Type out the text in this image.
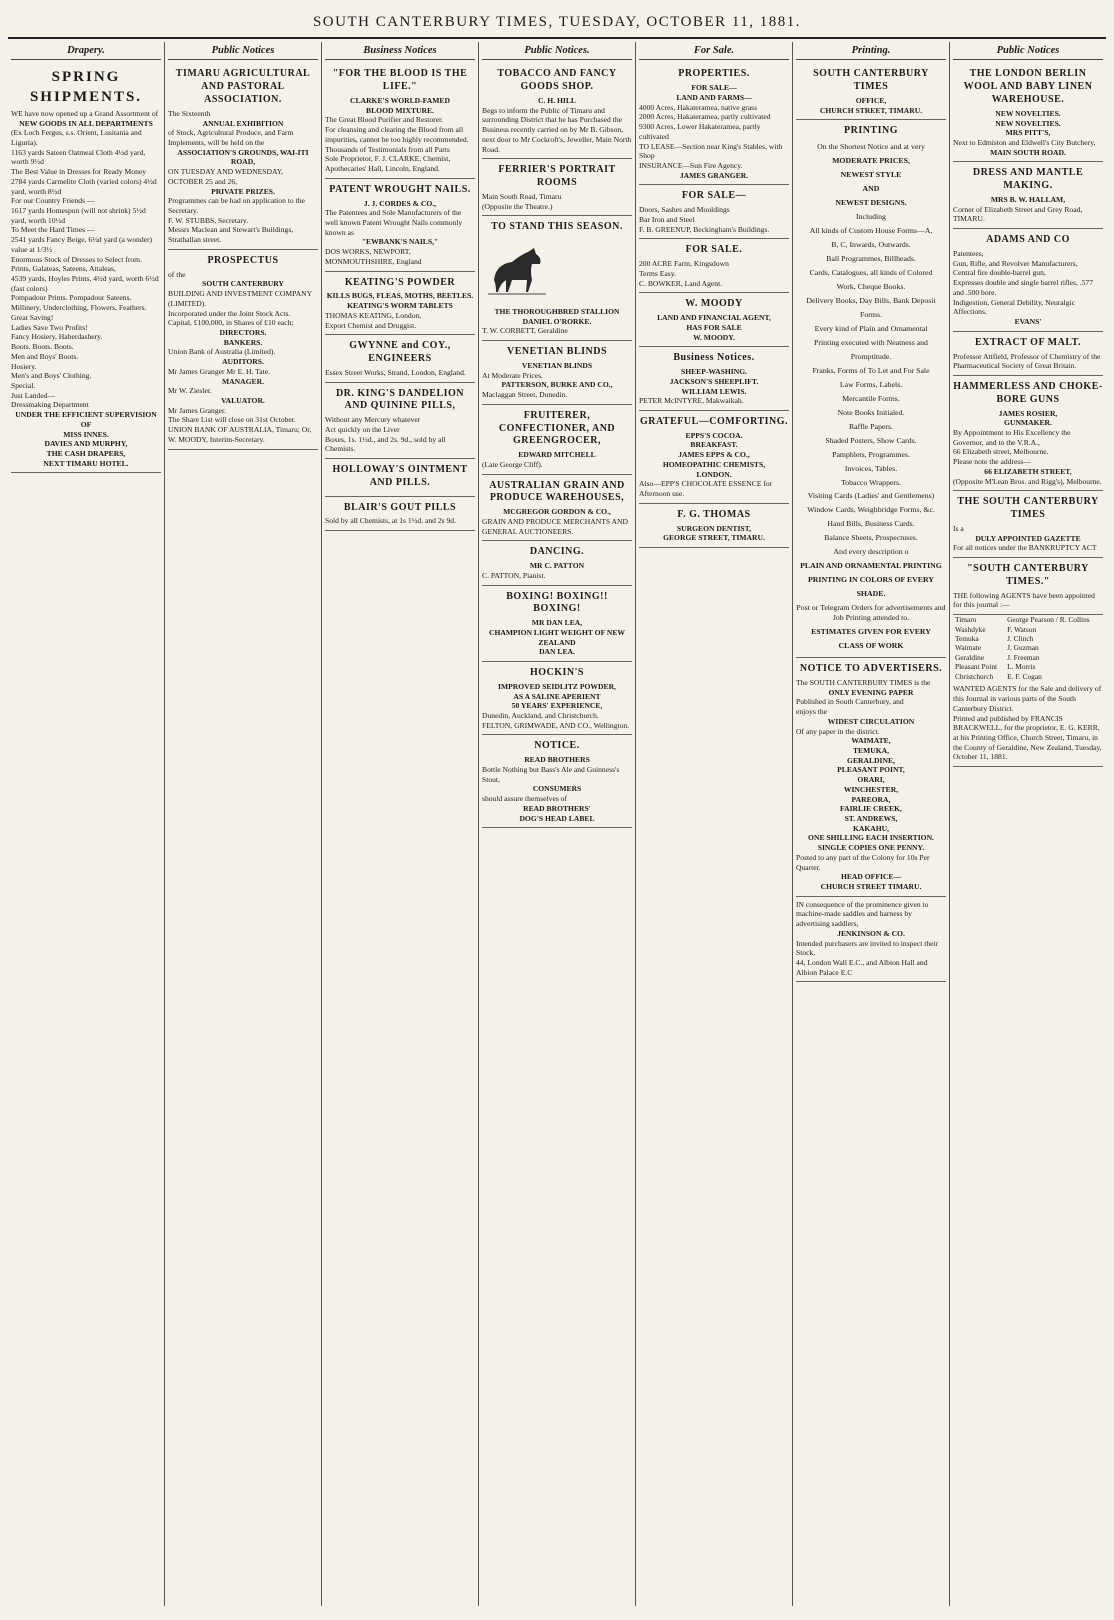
SOUTH CANTERBURY TIMES, TUESDAY, OCTOBER 11, 1881.
Drapery.
SPRING SHIPMENTS.
WE have now opened up a Grand Assortment of
NEW GOODS IN ALL DEPARTMENTS
(Ex Loch Fergus, s.s. Orient, Lusitania and Liguria).
1163 yards Sateen Oatmeal Cloth 4½d yard, worth 9½d
The Best Value in Dresses for Ready Money
2784 yards Carmelite Cloth (varied colors) 4½d yard, worth 8½d
For our Country Friends —
1617 yards Homespun (will not shrink) 5½d yard, worth 10½d
To Meet the Hard Times —
2541 yards Fancy Beige, 6½d yard (a wonder) value at 1/3½
Enormous Stock of Dresses to Select from.
Prints, Galateas, Sateens, Attaleas,
4539 yards, Hoyles Prints, 4½d yard, worth 6½d (fast colors)
Pompadour Prints. Pompadour Sateens.
Millinery, Underclothing, Flowers, Feathers.
Great Saving!
Ladies Save Two Profits!
Fancy Hosiery, Haberdashery.
Boots. Boots. Boots.
Men and Boys' Boots.
Hosiery.
Men's and Boys' Clothing.
Special.
Just Landed—
Dressmaking Department
UNDER THE EFFICIENT SUPERVISION OF
MISS INNES.
DAVIES AND MURPHY,
THE CASH DRAPERS,
NEXT TIMARU HOTEL.
Public Notices
TIMARU AGRICULTURAL AND PASTORAL ASSOCIATION.
The Sixteenth
ANNUAL EXHIBITION
of Stock, Agricultural Produce, and Farm Implements, will be held on the
ASSOCIATION'S GROUNDS, WAI-ITI ROAD,
ON TUESDAY AND WEDNESDAY, OCTOBER 25 and 26,
PRIVATE PRIZES.
Programmes can be had on application to the Secretary.
F. W. STUBBS, Secretary.
Messrs Maclean and Stewart's Buildings, Strathallan street.
PROSPECTUS
of the
SOUTH CANTERBURY
BUILDING AND INVESTMENT COMPANY (LIMITED).
Incorporated under the Joint Stock Acts.
Capital, £100,000, in Shares of £10 each;
DIRECTORS.
BANKERS.
Union Bank of Australia (Limited).
AUDITORS.
Mr James Granger Mr E. H. Tate.
MANAGER.
Mr W. Ziesler.
VALUATOR.
Mr James Granger.
The Share List will close on 31st October.
UNION BANK OF AUSTRALIA, Timaru; Or,
W. MOODY, Interim-Secretary.
Business Notices
"FOR THE BLOOD IS THE LIFE."
CLARKE'S WORLD-FAMED
BLOOD MIXTURE.
The Great Blood Purifier and Restorer.
For cleansing and clearing the Blood from all impurities, cannot be too highly recommended.
Thousands of Testimonials from all Parts
Sole Proprietor, F. J. CLARKE, Chemist, Apothecaries' Hall, Lincoln, England.
PATENT WROUGHT NAILS.
J. J. CORDES & CO.,
The Patentees and Sole Manufacturers of the well known Patent Wrought Nails commonly known as
"EWBANK'S NAILS,"
DOS WORKS, NEWPORT, MONMOUTHSHIRE, England
KEATING'S POWDER
KILLS BUGS, FLEAS, MOTHS, BEETLES.
KEATING'S WORM TABLETS
THOMAS KEATING, London,
Export Chemist and Druggist.
GWYNNE and COY., ENGINEERS
Essex Street Works, Strand, London, England.
DR. KING'S DANDELION AND QUININE PILLS,
Without any Mercury whatever
Act quickly on the Liver
Boxes, 1s. 1½d., and 2s. 9d., sold by all Chemists.
HOLLOWAY'S OINTMENT AND PILLS.
BLAIR'S GOUT PILLS
Sold by all Chemists, at 1s 1½d. and 2s 9d.
Public Notices.
TOBACCO AND FANCY GOODS SHOP.
C. H. HILL
Begs to inform the Public of Timaru and surrounding District that he has Purchased the Business recently carried on by Mr B. Gibson, next door to Mr Cockroft's, Jeweller, Main North Road.
FERRIER'S PORTRAIT ROOMS
Main South Road, Timaru
(Opposite the Theatre.)
TO STAND THIS SEASON.
THE THOROUGHBRED STALLION
DANIEL O'RORKE.
T. W. CORBETT, Geraldine
VENETIAN BLINDS
VENETIAN BLINDS
At Moderate Prices.
PATTERSON, BURKE AND CO.,
Maclaggan Street, Dunedin.
FRUITERER, CONFECTIONER, AND GREENGROCER,
EDWARD MITCHELL
(Late George Cliff).
AUSTRALIAN GRAIN AND PRODUCE WAREHOUSES,
MCGREGOR GORDON & CO.,
GRAIN AND PRODUCE MERCHANTS AND GENERAL AUCTIONEERS.
DANCING.
MR C. PATTON
C. PATTON, Pianist.
BOXING! BOXING!! BOXING!
MR DAN LEA,
CHAMPION LIGHT WEIGHT OF NEW ZEALAND
DAN LEA.
HOCKIN'S
IMPROVED SEIDLITZ POWDER,
AS A SALINE APERIENT
50 YEARS' EXPERIENCE,
Dunedin, Auckland, and Christchurch.
FELTON, GRIMWADE, AND CO., Wellington.
NOTICE.
READ BROTHERS
Bottle Nothing but Bass's Ale and Guinness's Stout,
CONSUMERS
should assure themselves of
READ BROTHERS'
DOG'S HEAD LABEL
For Sale.
PROPERTIES.
FOR SALE—
LAND AND FARMS—
4000 Acres, Hakateramea, native grass
2000 Acres, Hakateramea, partly cultivated
9300 Acres, Lower Hakateramea, partly cultivated
TO LEASE—Section near King's Stables, with Shop
INSURANCE—Sun Fire Agency.
JAMES GRANGER.
FOR SALE—
Doors, Sashes and Mouldings
Bar Iron and Steel
F. B. GREENUP, Beckingham's Buildings.
FOR SALE.
200 ACRE Farm, Kingsdown
Terms Easy.
C. BOWKER, Land Agent.
W. MOODY
LAND AND FINANCIAL AGENT,
HAS FOR SALE
W. MOODY.
Business Notices.
SHEEP-WASHING.
JACKSON'S SHEEPLIFT.
WILLIAM LEWIS.
PETER McINTYRE, Makwaikah.
GRATEFUL—COMFORTING.
EPPS'S COCOA.
BREAKFAST.
JAMES EPPS & CO.,
HOMEOPATHIC CHEMISTS,
LONDON.
Also—EPP'S CHOCOLATE ESSENCE for Afternoon use.
F. G. THOMAS
SURGEON DENTIST,
GEORGE STREET, TIMARU.
Printing.
SOUTH CANTERBURY TIMES
OFFICE,
CHURCH STREET, TIMARU.
PRINTING
On the Shortest Notice and at very
MODERATE PRICES,
NEWEST STYLE
AND
NEWEST DESIGNS.
Including
All kinds of Custom House Forms—A,
B, C, Inwards, Outwards.
Ball Programmes, Billheads.
Cards, Catalogues, all kinds of Colored
Work, Cheque Books.
Delivery Books, Day Bills, Bank Deposit
Forms.
Every kind of Plain and Ornamental
Printing executed with Neatness and
Promptitude.
Franks, Forms of To Let and For Sale
Law Forms, Labels.
Mercantile Forms.
Note Books Initialed.
Raffle Papers.
Shaded Posters, Show Cards.
Pamphlets, Programmes.
Invoices, Tables.
Tobacco Wrappers.
Visiting Cards (Ladies' and Gentlemens)
Window Cards, Weighbridge Forms, &c.
Hand Bills, Business Cards.
Balance Sheets, Prospectuses.
And every description o
PLAIN AND ORNAMENTAL PRINTING
PRINTING IN COLORS OF EVERY
SHADE.
Post or Telegram Orders for advertisements and Job Printing attended to.
ESTIMATES GIVEN FOR EVERY
CLASS OF WORK
NOTICE TO ADVERTISERS.
The SOUTH CANTERBURY TIMES is the
ONLY EVENING PAPER
Published in South Canterbury, and
enjoys the
WIDEST CIRCULATION
Of any paper in the district.
WAIMATE,
TEMUKA,
GERALDINE,
PLEASANT POINT,
ORARI,
WINCHESTER,
PAREORA,
FAIRLIE CREEK,
ST. ANDREWS,
KAKAHU,
ONE SHILLING EACH INSERTION.
SINGLE COPIES ONE PENNY.
Posted to any part of the Colony for 10s Per Quarter.
HEAD OFFICE—
CHURCH STREET TIMARU.
IN consequence of the prominence given to machine-made saddles and harness by advertising saddlers,
JENKINSON & CO.
Intended purchasers are invited to inspect their Stock,
44, London Wall E.C., and Albion Hall and Albion Palace E.C
Public Notices
THE LONDON BERLIN WOOL AND BABY LINEN WAREHOUSE.
NEW NOVELTIES.
NEW NOVELTIES.
MRS PITT'S,
Next to Edmiston and Eldwell's City Butchery,
MAIN SOUTH ROAD.
DRESS AND MANTLE MAKING.
MRS B. W. HALLAM,
Corner of Elizabeth Street and Grey Road, TIMARU.
ADAMS AND CO
Patentees,
Gun, Rifle, and Revolver Manufacturers,
Central fire double-barrel gun,
Expresses double and single barrel rifles, .577 and .500 bore.
Indigestion, General Debility, Neuralgic Affections.
EVANS'
EXTRACT OF MALT.
Professor Attfield, Professor of Chemistry of the Pharmaceutical Society of Great Britain.
HAMMERLESS AND CHOKE-BORE GUNS
JAMES ROSIER,
GUNMAKER.
By Appointment to His Excellency the Governor, and to the V.R.A.,
66 Elizabeth street, Melbourne.
Please note the address—
66 ELIZABETH STREET,
(Opposite M'Lean Bros. and Rigg's), Melbourne.
THE SOUTH CANTERBURY TIMES
Is a
DULY APPOINTED GAZETTE
For all notices under the BANKRUPTCY ACT
"SOUTH CANTERBURY TIMES."
THE following AGENTS have been appointed for this journal :—
Timaru	George Pearson / R. Collins
Washdyke	F. Watson
Temuka	J. Clinch
Waimate	J. Guzman
Geraldine	J. Freeman
Pleasant Point	L. Morris
Christchurch	E. F. Cogan
WANTED AGENTS for the Sale and delivery of this Journal in various parts of the South Canterbury District.
Printed and published by FRANCIS BRACKWELL, for the proprietor, E. G. KERR, at his Printing Office, Church Street, Timaru, in the County of Geraldine, New Zealand, Tuesday, October 11, 1881.
